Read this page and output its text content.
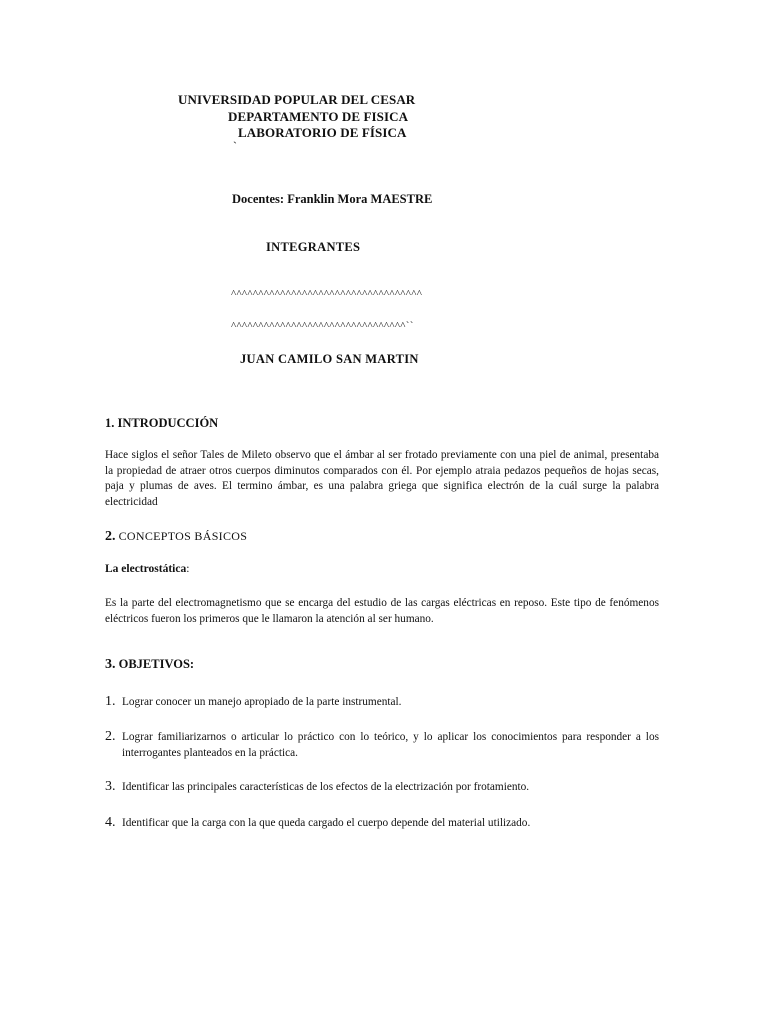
UNIVERSIDAD POPULAR DEL CESAR
DEPARTAMENTO DE FISICA
LABORATORIO DE FÍSICA
`
Docentes: Franklin Mora MAESTRE
INTEGRANTES
^^^^^^^^^^^^^^^^^^^^^^^^^^^^^^^^^^^
^^^^^^^^^^^^^^^^^^^^^^^^^^^^^^^^``
JUAN CAMILO SAN MARTIN
1. INTRODUCCIÓN
Hace siglos el señor Tales de Mileto observo que el ámbar al ser frotado previamente con una piel de animal, presentaba la propiedad de atraer otros cuerpos diminutos comparados con él. Por ejemplo atraia pedazos pequeños de hojas secas, paja y plumas de aves. El termino ámbar, es una palabra griega que significa electrón de la cuál surge la palabra electricidad
2. CONCEPTOS BÁSICOS
La electrostática:
Es la parte del electromagnetismo que se encarga del estudio de las cargas eléctricas en reposo. Este tipo de fenómenos eléctricos fueron los primeros que le llamaron la atención al ser humano.
3. OBJETIVOS:
1. Lograr conocer un manejo apropiado de la parte instrumental.
2. Lograr familiarizarnos o articular lo práctico con lo teórico, y lo aplicar los conocimientos para responder a los interrogantes planteados en la práctica.
3. Identificar las principales características de los efectos de la electrización por frotamiento.
4. Identificar que la carga con la que queda cargado el cuerpo depende del material utilizado.
